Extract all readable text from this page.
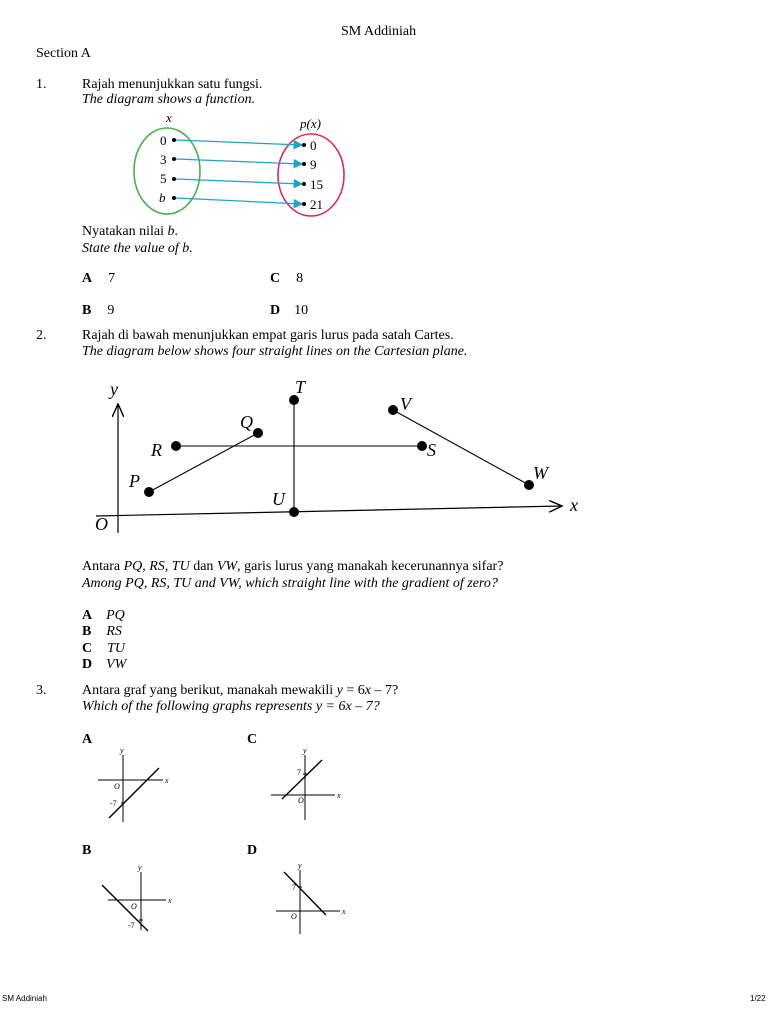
SM Addiniah
Section A
1.	Rajah menunjukkan satu fungsi.
The diagram shows a function.
x	p(x)
0
3
5
b
0
9
15
21
Nyatakan nilai b.
State the value of b.
A 7	C 8
B 9	D 10
2.	Rajah di bawah menunjukkan empat garis lurus pada satah Cartes.
The diagram below shows four straight lines on the Cartesian plane.
y
x
O
P
Q
R	S
T
U
V
W
Antara PQ, RS, TU dan VW, garis lurus yang manakah kecerunannya sifar?
Among PQ, RS, TU and VW, which straight line with the gradient of zero?
A PQ
B RS
C TU
D VW
3.	Antara graf yang berikut, manakah mewakili y = 6x – 7?
Which of the following graphs represents y = 6x – 7?
A	C
B	D
x
y
O
-7
x
y
O
7
x
y
O
-7
x
y
O
7
SM Addiniah	1/22
